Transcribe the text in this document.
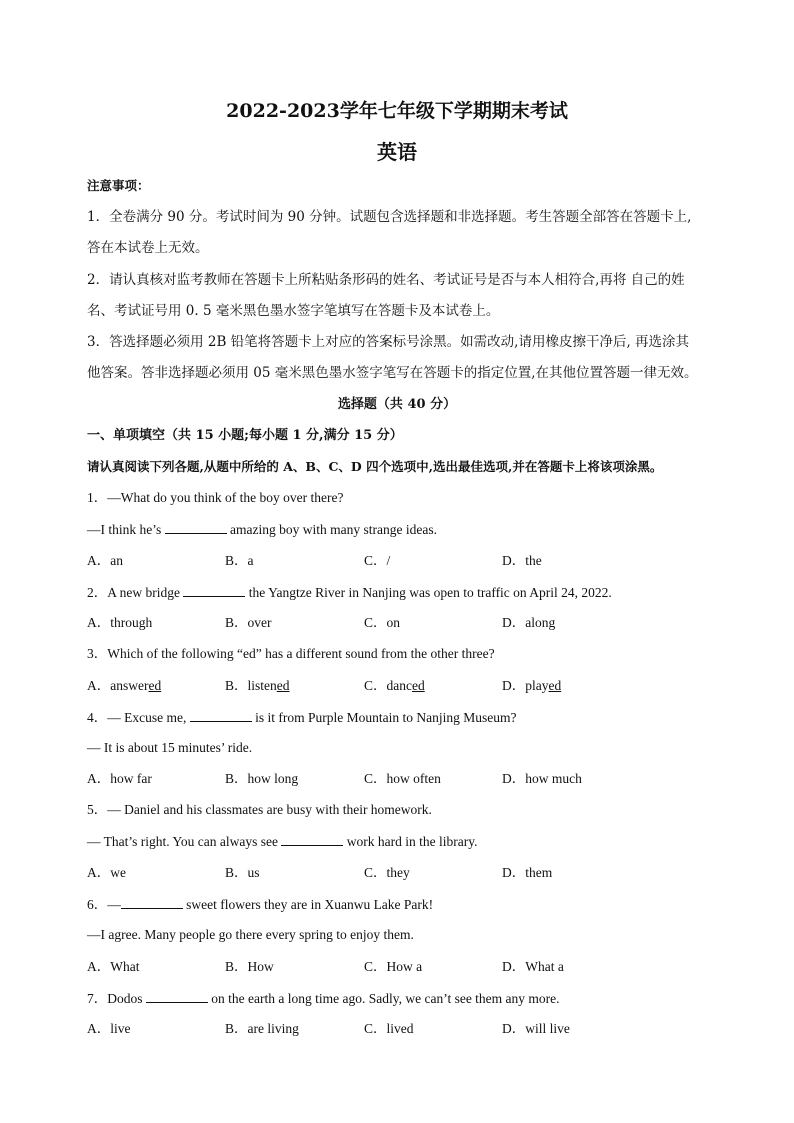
2022-2023学年七年级下学期期末考试
英语
注意事项：
1．全卷满分 90 分。考试时间为 90 分钟。试题包含选择题和非选择题。考生答题全部答在答题卡上,
答在本试卷上无效。
2．请认真核对监考教师在答题卡上所粘贴条形码的姓名、考试证号是否与本人相符合,再将 自己的姓
名、考试证号用 0. 5 毫米黑色墨水签字笔填写在答题卡及本试卷上。
3．答选择题必须用 2B 铅笔将答题卡上对应的答案标号涂黑。如需改动,请用橡皮擦干净后, 再选涂其
他答案。答非选择题必须用 05 毫米黑色墨水签字笔写在答题卡的指定位置,在其他位置答题一律无效。
选择题（共 40 分）
一、单项填空（共 15 小题;每小题 1 分,满分 15 分）
请认真阅读下列各题,从题中所给的 A、B、C、D 四个选项中,选出最佳选项,并在答题卡上将该项涂黑。
1．—What do you think of the boy over there?
—I think he’s	amazing boy with many strange ideas.
A．an	B．a	C．/	D．the
2．A new bridge	the Yangtze River in Nanjing was open to traffic on April 24, 2022.
A．through	B．over	C．on	D．along
3．Which of the following “ed” has a different sound from the other three?
A．answered	B．listened	C．danced	D．played
4．— Excuse me,	is it from Purple Mountain to Nanjing Museum?
— It is about 15 minutes’ ride.
A．how far	B．how long	C．how often	D．how much
5．— Daniel and his classmates are busy with their homework.
— That’s right. You can always see	work hard in the library.
A．we	B．us	C．they	D．them
6．—	sweet flowers they are in Xuanwu Lake Park!
—I agree. Many people go there every spring to enjoy them.
A．What	B．How	C．How a	D．What a
7．Dodos	on the earth a long time ago. Sadly, we can’t see them any more.
A．live	B．are living	C．lived	D．will live
